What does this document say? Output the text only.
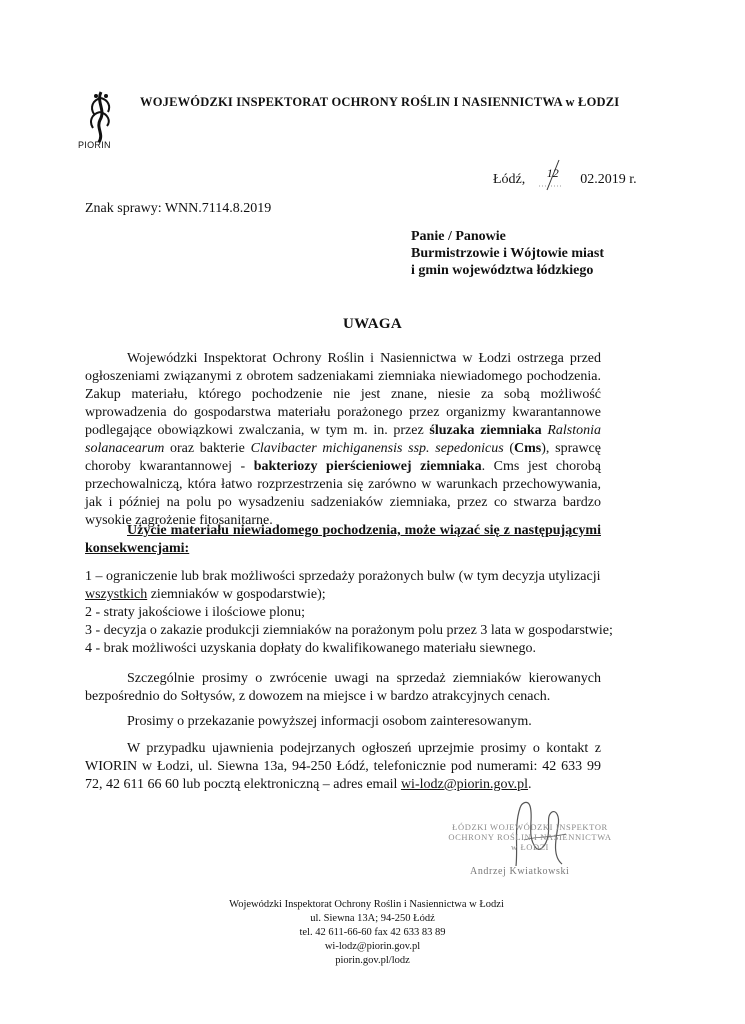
PIORIN
WOJEWÓDZKI INSPEKTORAT OCHRONY ROŚLIN I NASIENNICTWA w ŁODZI
Łódź, 12 02.2019 r.
Znak sprawy: WNN.7114.8.2019
Panie / Panowie
Burmistrzowie i Wójtowie miast
i gmin województwa łódzkiego
UWAGA

Wojewódzki Inspektorat Ochrony Roślin i Nasiennictwa w Łodzi ostrzega przed ogłoszeniami związanymi z obrotem sadzeniakami ziemniaka niewiadomego pochodzenia. Zakup materiału, którego pochodzenie nie jest znane, niesie za sobą możliwość wprowadzenia do gospodarstwa materiału porażonego przez organizmy kwarantannowe podlegające obowiązkowi zwalczania, w tym m. in. przez śluzaka ziemniaka Ralstonia solanacearum oraz bakterie Clavibacter michiganensis ssp. sepedonicus (Cms), sprawcę choroby kwarantannowej - bakteriozy pierścieniowej ziemniaka. Cms jest chorobą przechowalniczą, która łatwo rozprzestrzenia się zarówno w warunkach przechowywania, jak i później na polu po wysadzeniu sadzeniaków ziemniaka, przez co stwarza bardzo wysokie zagrożenie fitosanitarne.

Użycie materiału niewiadomego pochodzenia, może wiązać się z następującymi konsekwencjami:
1 – ograniczenie lub brak możliwości sprzedaży porażonych bulw (w tym decyzja utylizacji
wszystkich ziemniaków w gospodarstwie);
2 - straty jakościowe i ilościowe plonu;
3 - decyzja o zakazie produkcji ziemniaków na porażonym polu przez 3 lata w gospodarstwie;
4 - brak możliwości uzyskania dopłaty do kwalifikowanego materiału siewnego.

Szczególnie prosimy o zwrócenie uwagi na sprzedaż ziemniaków kierowanych bezpośrednio do Sołtysów, z dowozem na miejsce i w bardzo atrakcyjnych cenach.

Prosimy o przekazanie powyższej informacji osobom zainteresowanym.

W przypadku ujawnienia podejrzanych ogłoszeń uprzejmie prosimy o kontakt z WIORIN w Łodzi, ul. Siewna 13a, 94-250 Łódź, telefonicznie pod numerami: 42 633 99 72, 42 611 66 60 lub pocztą elektroniczną – adres email wi-lodz@piorin.gov.pl.

ŁÓDZKI WOJEWÓDZKI INSPEKTOR
OCHRONY ROŚLIN I NASIENNICTWA
w ŁODZI
Andrzej Kwiatkowski
Wojewódzki Inspektorat Ochrony Roślin i Nasiennictwa w Łodzi
ul. Siewna 13A; 94-250 Łódź
tel. 42 611-66-60 fax 42 633 83 89
wi-lodz@piorin.gov.pl
piorin.gov.pl/lodz
